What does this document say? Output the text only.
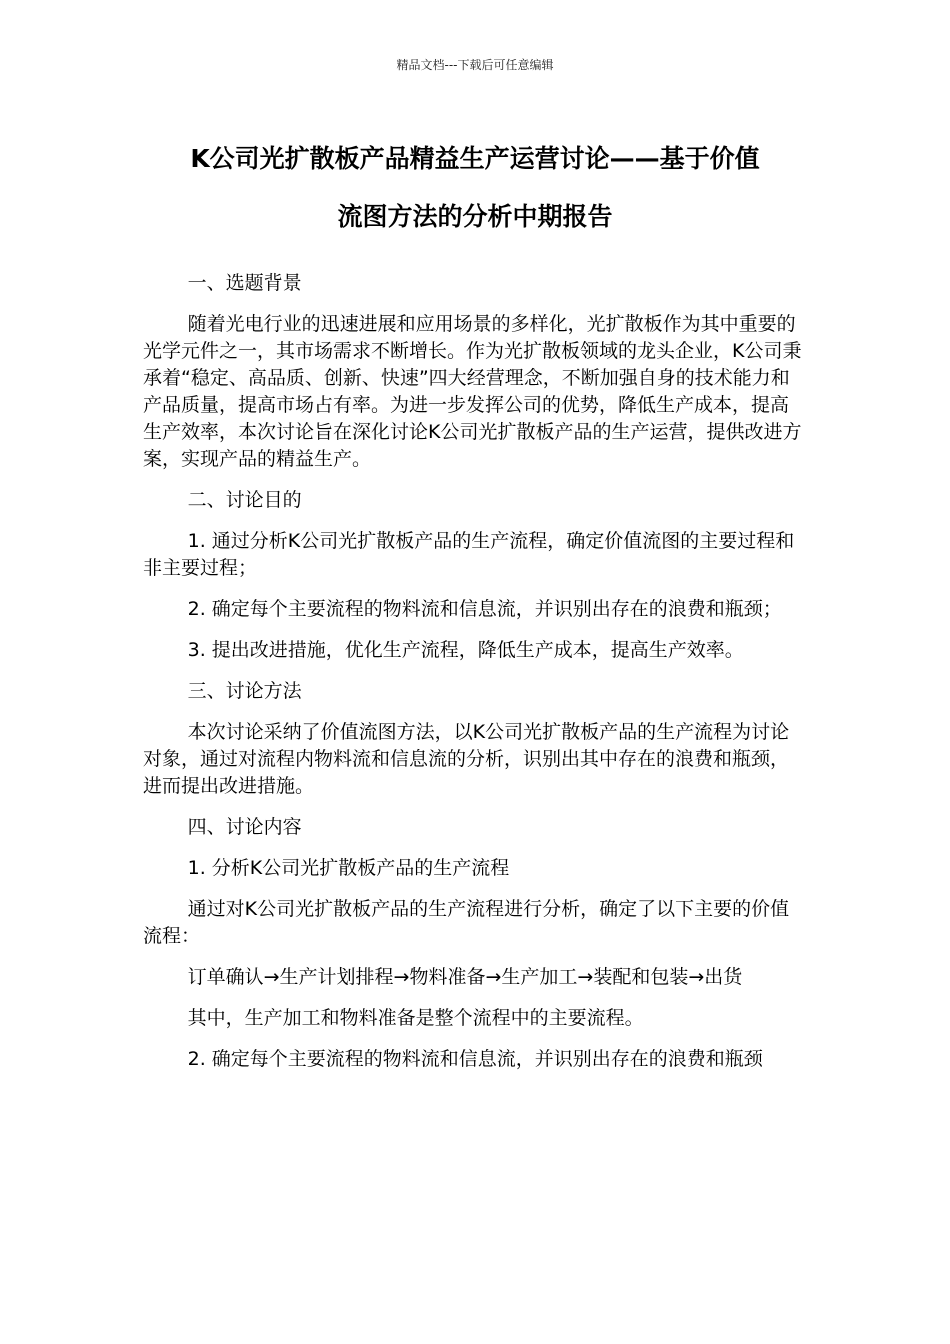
精品文档---下载后可任意编辑
K公司光扩散板产品精益生产运营讨论——基于价值
流图方法的分析中期报告

一、选题背景

随着光电行业的迅速进展和应用场景的多样化，光扩散板作为其中重要的光学元件之一，其市场需求不断增长。作为光扩散板领域的龙头企业，K公司秉承着“稳定、高品质、创新、快速”四大经营理念，不断加强自身的技术能力和产品质量，提高市场占有率。为进一步发挥公司的优势，降低生产成本，提高生产效率，本次讨论旨在深化讨论K公司光扩散板产品的生产运营，提供改进方案，实现产品的精益生产。

二、讨论目的

1. 通过分析K公司光扩散板产品的生产流程，确定价值流图的主要过程和非主要过程；

2. 确定每个主要流程的物料流和信息流，并识别出存在的浪费和瓶颈；

3. 提出改进措施，优化生产流程，降低生产成本，提高生产效率。

三、讨论方法

本次讨论采纳了价值流图方法，以K公司光扩散板产品的生产流程为讨论对象，通过对流程内物料流和信息流的分析，识别出其中存在的浪费和瓶颈，进而提出改进措施。

四、讨论内容

1. 分析K公司光扩散板产品的生产流程

通过对K公司光扩散板产品的生产流程进行分析，确定了以下主要的价值流程：

订单确认→生产计划排程→物料准备→生产加工→装配和包装→出货

其中，生产加工和物料准备是整个流程中的主要流程。

2. 确定每个主要流程的物料流和信息流，并识别出存在的浪费和瓶颈
